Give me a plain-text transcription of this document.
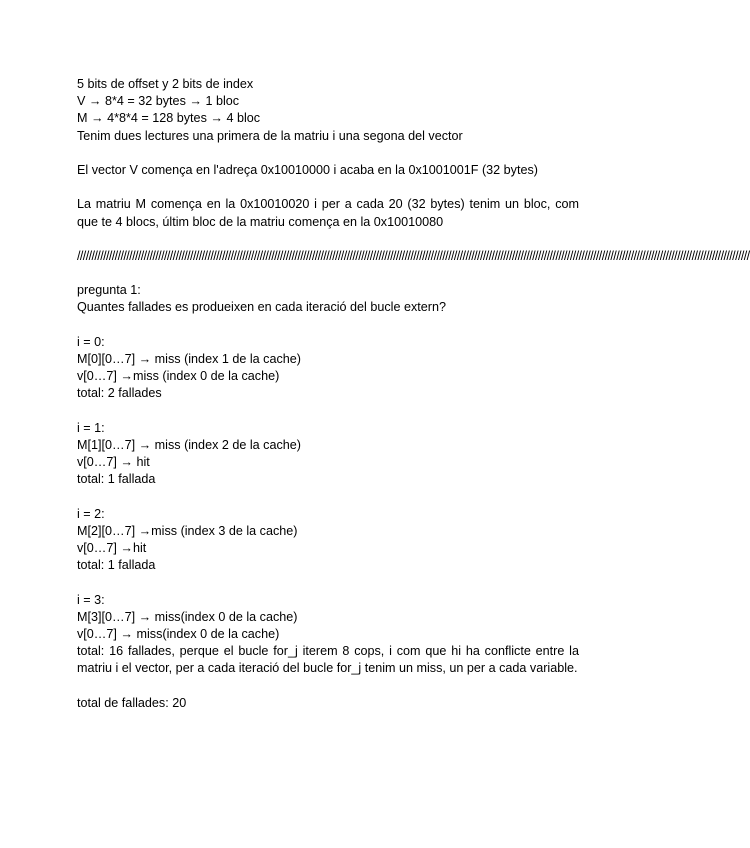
5 bits de offset y 2 bits de index
V → 8*4 = 32 bytes → 1 bloc
M → 4*8*4 = 128 bytes → 4 bloc
Tenim dues lectures una primera de la matriu i una segona del vector
El vector V comença en l'adreça 0x10010000 i acaba en la 0x1001001F (32 bytes)
La matriu M comença en la 0x10010020 i per a cada 20 (32 bytes) tenim un bloc, com que te 4 blocs, últim bloc de la matriu comença en la 0x10010080
////////////////////////////////////////////////////////////////////////////////////////////////////////////////////////////////////////////////////////////////////////////////////////////////////////////////////////////////////////
pregunta 1:
Quantes fallades es produeixen en cada iteració del bucle extern?
i = 0:
M[0][0…7] → miss (index 1 de la cache)
v[0…7] →miss (index 0 de la cache)
total: 2 fallades
i = 1:
M[1][0…7] → miss (index 2 de la cache)
v[0…7] → hit
total: 1 fallada
i = 2:
M[2][0…7] →miss (index 3 de la cache)
v[0…7] →hit
total: 1 fallada
i = 3:
M[3][0…7] → miss(index 0 de la cache)
v[0…7] → miss(index 0 de la cache)
total: 16 fallades, perque el bucle for_j iterem 8 cops, i com que hi ha conflicte entre la matriu i el vector, per a cada iteració del bucle for_j tenim un miss, un per a cada variable.
total de fallades: 20
